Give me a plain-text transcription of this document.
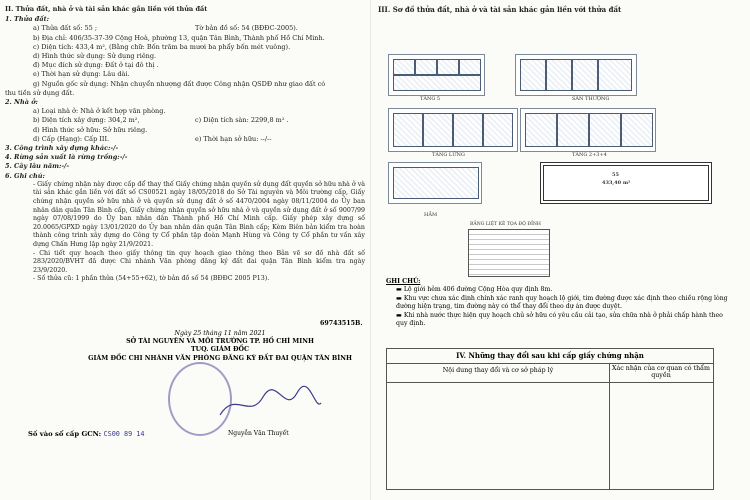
II. Thửa đất, nhà ở và tài sản khác gắn liền với thửa đất
1. Thửa đất:
a) Thửa đất số: 55 ;	Tờ bản đồ số: 54 (BĐĐC-2005).
b) Địa chỉ: 406/35-37-39 Cộng Hoà, phường 13, quận Tân Bình, Thành phố Hồ Chí Minh.
c) Diện tích: 433,4 m², (Bằng chữ: Bốn trăm ba mươi ba phẩy bốn mét vuông).
d) Hình thức sử dụng: Sử dụng riêng.
đ) Mục đích sử dụng: Đất ở tại đô thị .
e) Thời hạn sử dụng: Lâu dài.
g) Nguồn gốc sử dụng: Nhận chuyển nhượng đất được Công nhận QSDĐ như giao đất có
thu tiền sử dụng đất.
2. Nhà ở:
a) Loại nhà ở: Nhà ở kết hợp văn phòng.
b) Diện tích xây dựng: 304,2 m²,	c) Diện tích sàn: 2299,8 m² .
d) Hình thức sở hữu: Sở hữu riêng.
d) Cấp (Hạng): Cấp III.	e) Thời hạn sở hữu: --/--
3. Công trình xây dựng khác:-/-
4. Rừng sản xuất là rừng trồng:-/-
5. Cây lâu năm:-/-
6. Ghi chú:
- Giấy chứng nhận này được cấp để thay thế Giấy chứng nhận quyền sử dụng đất quyền sở hữu nhà ở và tài sản khác gắn liền với đất số CS00521 ngày 18/05/2018 do Sở Tài nguyên và Môi trường cấp, Giấy chứng nhận quyền sở hữu nhà ở và quyền sử dụng đất ở số 4470/2004 ngày 08/11/2004 do Ủy ban nhân dân quận Tân Bình cấp, Giấy chứng nhận quyền sở hữu nhà ở và quyền sử dụng đất ở số 9007/99 ngày 07/08/1999 do Ủy ban nhân dân Thành phố Hồ Chí Minh cấp. Giấy phép xây dựng số 20.0065/GPXD ngày 13/01/2020 do Ủy ban nhân dân quận Tân Bình cấp; Kèm Biên bản kiểm tra hoàn thành công trình xây dựng do Công ty Cổ phần tập đoàn Mạnh Hùng và Công ty Cổ phần tư vấn xây dựng Chấn Hưng lập ngày 21/9/2021.
- Chi tiết quy hoạch theo giấy thông tin quy hoạch giao thông theo Bản vẽ sơ đồ nhà đất số 283/2020/BVHT đã được Chi nhánh Văn phòng đăng ký đất đai quận Tân Bình kiểm tra ngày 23/9/2020.
- Số thửa cũ: 1 phần thửa (54+55+62), tờ bản đồ số 54 (BĐĐC 2005 P13).
69743515B.
Ngày 25 tháng 11 năm 2021
SỞ TÀI NGUYÊN VÀ MÔI TRƯỜNG TP. HỒ CHÍ MINH
TUQ. GIÁM ĐỐC
GIÁM ĐỐC CHI NHÁNH VĂN PHÒNG ĐĂNG KÝ ĐẤT ĐAI QUẬN TÂN BÌNH
Nguyễn Văn Thuyết
Số vào sổ cấp GCN: CS00 89 14
III. Sơ đồ thửa đất, nhà ở và tài sản khác gắn liền với thửa đất
TẦNG 5	SÂN THƯỢNG
TẦNG LỬNG	TẦNG 2+3+4
HẦM
55
433,40 m²
BẢNG LIỆT KÊ TỌA ĐỘ ĐỈNH
GHI CHÚ:
▬ Lộ giới hẻm 406 đường Cộng Hòa quy định 8m.
▬ Khu vực chưa xác định chính xác ranh quy hoạch lộ giới, tim đường được xác định theo chiều rộng lòng đường hiện trạng, tim đường này có thể thay đổi theo dự án được duyệt.
▬ Khi nhà nước thực hiện quy hoạch chủ sở hữu có yêu cầu cải tạo, sửa chữa nhà ở phải chấp hành theo quy định.
IV. Những thay đổi sau khi cấp giấy chứng nhận
Nội dung thay đổi và cơ sở pháp lý	Xác nhận của cơ quan có thẩm quyền
